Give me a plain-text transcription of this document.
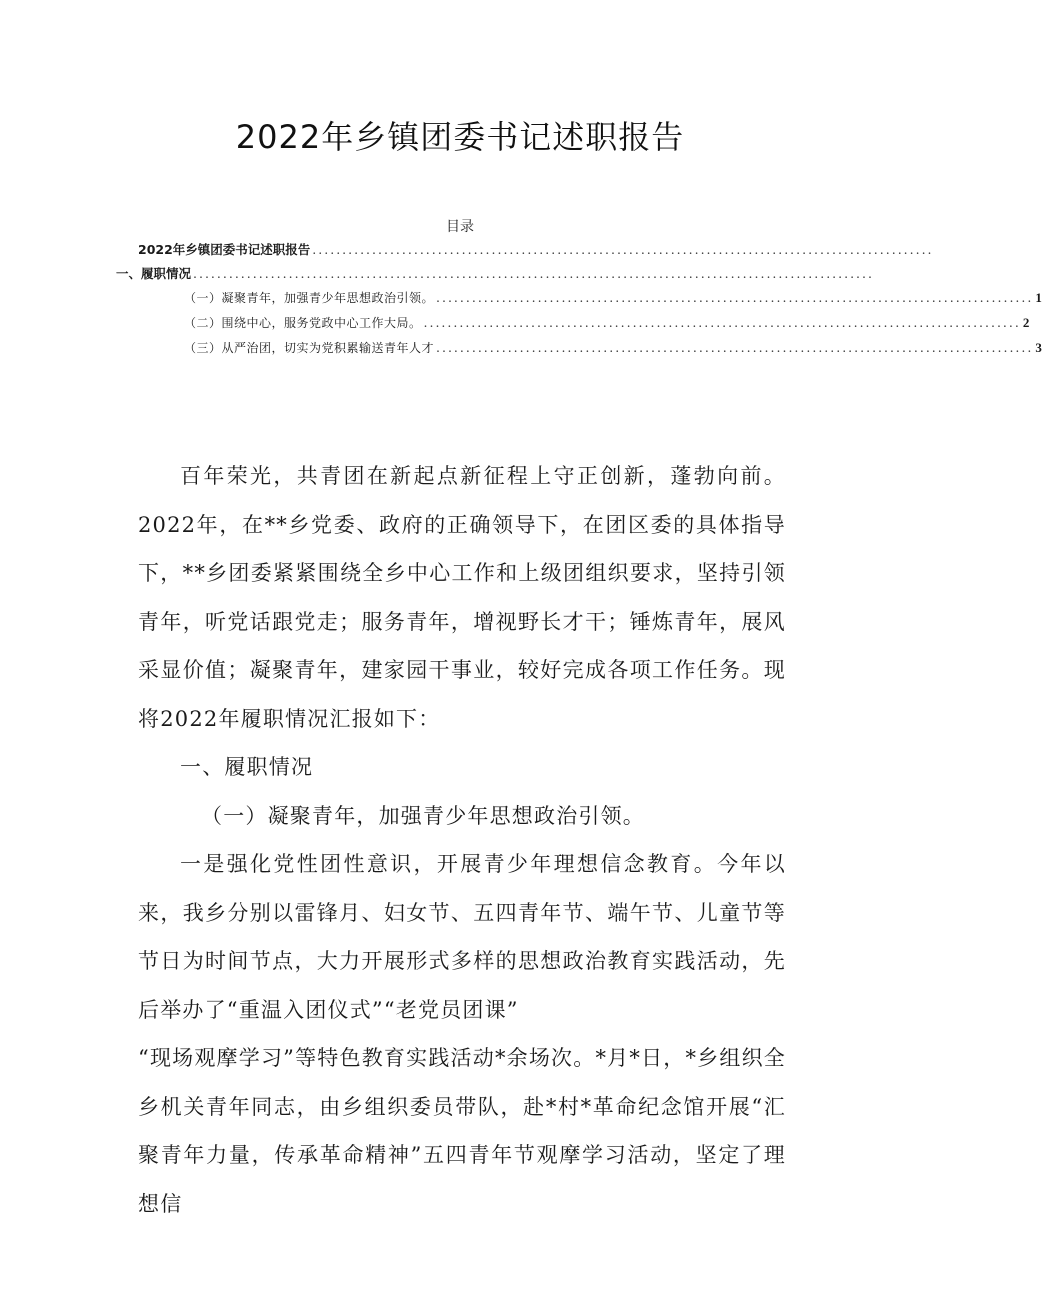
2022年乡镇团委书记述职报告
目录
2022年乡镇团委书记述职报告 ........................................................................................................
一、履职情况 ..................................................................................................................
（一）凝聚青年，加强青少年思想政治引领。 .................................................................................................... 1
（二）围绕中心，服务党政中心工作大局。 .................................................................................................... 2
（三）从严治团，切实为党积累输送青年人才 .................................................................................................... 3

百年荣光，共青团在新起点新征程上守正创新，蓬勃向前。2022年，在**乡党委、政府的正确领导下，在团区委的具体指导下，**乡团委紧紧围绕全乡中心工作和上级团组织要求，坚持引领青年，听党话跟党走；服务青年，增视野长才干；锤炼青年，展风采显价值；凝聚青年，建家园干事业，较好完成各项工作任务。现将2022年履职情况汇报如下：

一、履职情况

（一）凝聚青年，加强青少年思想政治引领。

一是强化党性团性意识，开展青少年理想信念教育。今年以来，我乡分别以雷锋月、妇女节、五四青年节、端午节、儿童节等节日为时间节点，大力开展形式多样的思想政治教育实践活动，先后举办了“重温入团仪式”“老党员团课”

“现场观摩学习”等特色教育实践活动*余场次。*月*日，*乡组织全乡机关青年同志，由乡组织委员带队，赴*村*革命纪念馆开展“汇聚青年力量，传承革命精神”五四青年节观摩学习活动，坚定了理想信
